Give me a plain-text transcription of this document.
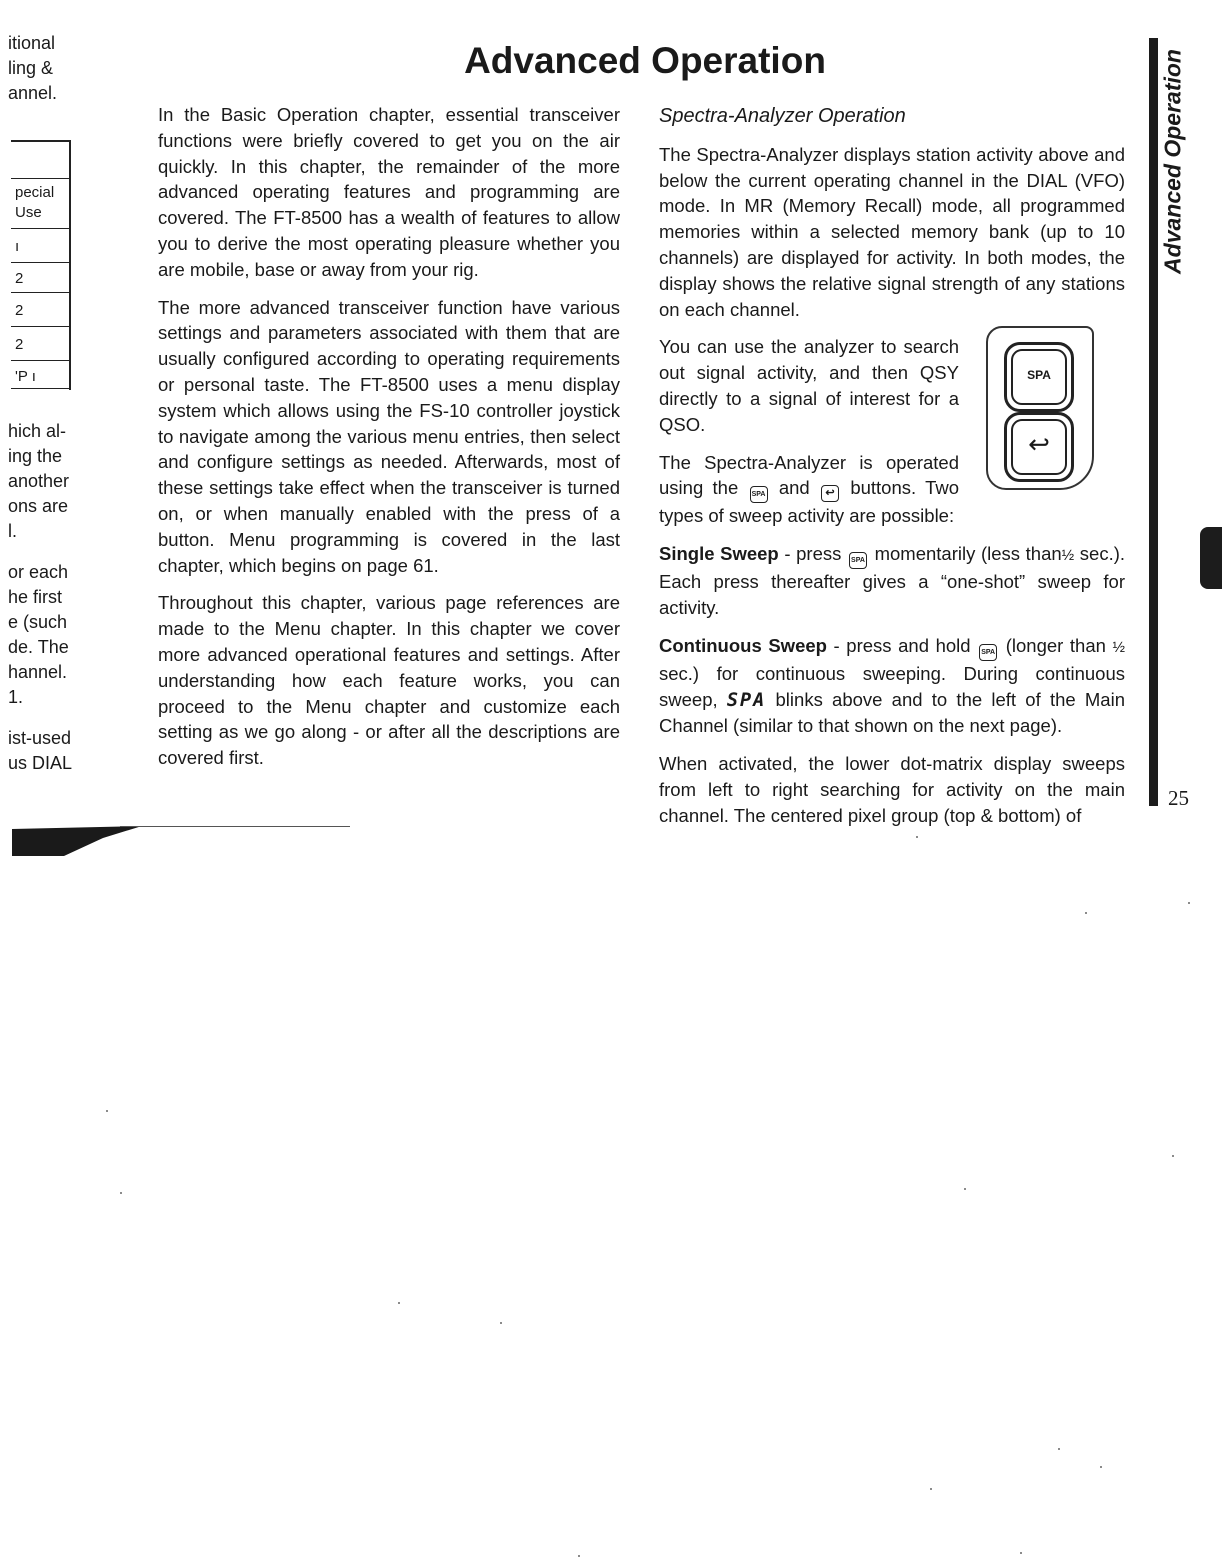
Advanced Operation

In the Basic Operation chapter, essential transceiver functions were briefly covered to get you on the air quickly. In this chapter, the remainder of the more advanced operating features and programming are covered. The FT-8500 has a wealth of features to allow you to derive the most operating pleasure whether you are mobile, base or away from your rig.

The more advanced transceiver function have various settings and parameters associated with them that are usually configured according to operating requirements or personal taste. The FT-8500 uses a menu display system which allows using the FS-10 controller joystick to navigate among the various menu entries, then select and configure settings as needed. Afterwards, most of these settings take effect when the transceiver is turned on, or when manually enabled with the press of a button. Menu programming is covered in the last chapter, which begins on page 61.

Throughout this chapter, various page references are made to the Menu chapter. In this chapter we cover more advanced operational features and settings. After understanding how each feature works, you can proceed to the Menu chapter and customize each setting as we go along - or after all the descriptions are covered first.

Spectra-Analyzer Operation

The Spectra-Analyzer displays station activity above and below the current operating channel in the DIAL (VFO) mode. In MR (Memory Recall) mode, all programmed memories within a selected memory bank (up to 10 channels) are displayed for activity. In both modes, the display shows the relative signal strength of any stations on each channel.

You can use the analyzer to search out signal activity, and then QSY directly to a signal of interest for a QSO.

The Spectra-Analyzer is operated using the SPA and ↩ buttons. Two types of sweep activity are possible:

Single Sweep - press SPA momentarily (less than½ sec.). Each press thereafter gives a “one-shot” sweep for activity.

Continuous Sweep - press and hold SPA (longer than ½ sec.) for continuous sweeping. During continuous sweep, SPA blinks above and to the left of the Main Channel (similar to that shown on the next page).

When activated, the lower dot-matrix display sweeps from left to right searching for activity on the main channel. The centered pixel group (top & bottom) of

SPA
↩
Advanced Operation
25
itional
ling &
annel.
pecial
Use
ı
2
2
2
'P ı
hich al-
ing the
another
ons are
l.
or each
he first
e (such
de. The
hannel.
1.
ist-used
us DIAL
